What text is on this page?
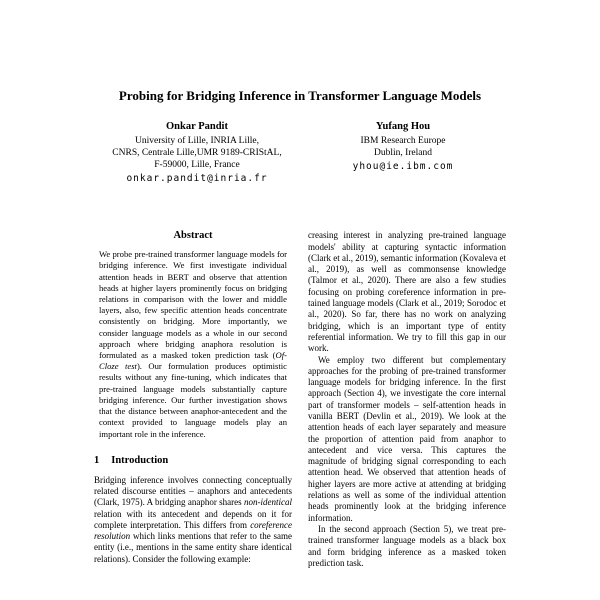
Probing for Bridging Inference in Transformer Language Models
Onkar Pandit
University of Lille, INRIA Lille,
CNRS, Centrale Lille,UMR 9189-CRIStAL,
F-59000, Lille, France
onkar.pandit@inria.fr
Yufang Hou
IBM Research Europe
Dublin, Ireland
yhou@ie.ibm.com
Abstract

We probe pre-trained transformer language models for bridging inference. We first investigate individual attention heads in BERT and observe that attention heads at higher layers prominently focus on bridging relations in comparison with the lower and middle layers, also, few specific attention heads concentrate consistently on bridging. More importantly, we consider language models as a whole in our second approach where bridging anaphora resolution is formulated as a masked token prediction task (Of-Cloze test). Our formulation produces optimistic results without any fine-tuning, which indicates that pre-trained language models substantially capture bridging inference. Our further investigation shows that the distance between anaphor-antecedent and the context provided to language models play an important role in the inference.

1 Introduction

Bridging inference involves connecting conceptually related discourse entities – anaphors and antecedents (Clark, 1975). A bridging anaphor shares non-identical relation with its antecedent and depends on it for complete interpretation. This differs from coreference resolution which links mentions that refer to the same entity (i.e., mentions in the same entity share identical relations). Consider the following example:

creasing interest in analyzing pre-trained language models' ability at capturing syntactic information (Clark et al., 2019), semantic information (Kovaleva et al., 2019), as well as commonsense knowledge (Talmor et al., 2020). There are also a few studies focusing on probing coreference information in pre-tained language models (Clark et al., 2019; Sorodoc et al., 2020). So far, there has no work on analyzing bridging, which is an important type of entity referential information. We try to fill this gap in our work.

We employ two different but complementary approaches for the probing of pre-trained transformer language models for bridging inference. In the first approach (Section 4), we investigate the core internal part of transformer models – self-attention heads in vanilla BERT (Devlin et al., 2019). We look at the attention heads of each layer separately and measure the proportion of attention paid from anaphor to antecedent and vice versa. This captures the magnitude of bridging signal corresponding to each attention head. We observed that attention heads of higher layers are more active at attending at bridging relations as well as some of the individual attention heads prominently look at the bridging inference information.

In the second approach (Section 5), we treat pre-trained transformer language models as a black box and form bridging inference as a masked token prediction task.
